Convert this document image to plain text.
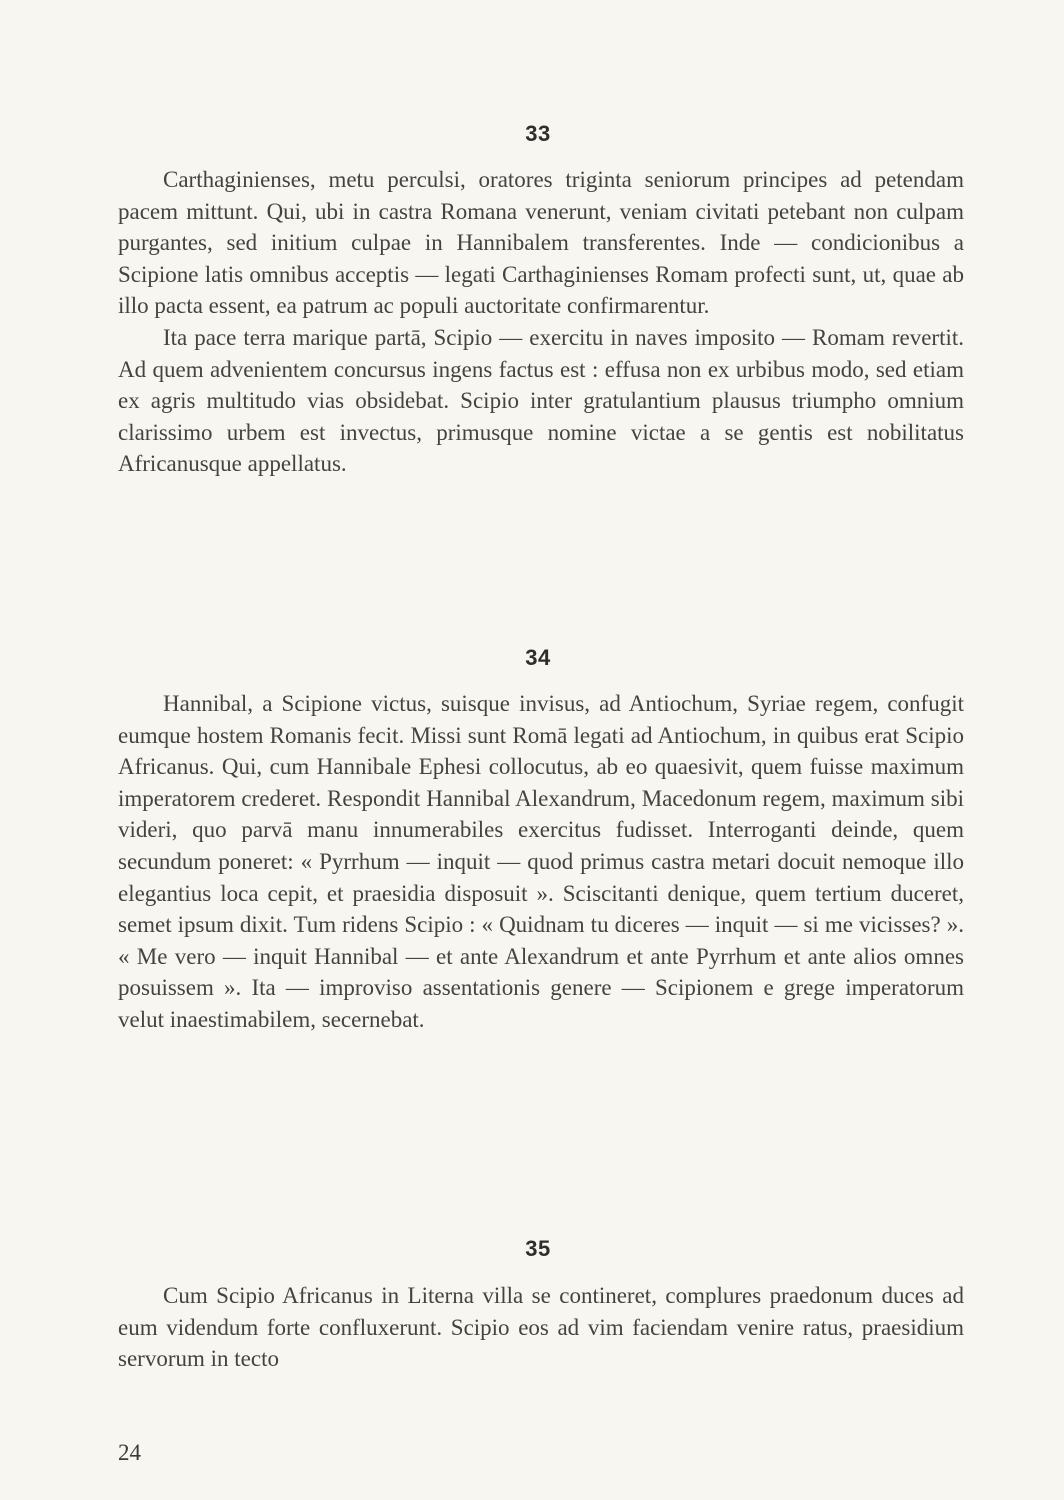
33

Carthaginienses, metu perculsi, oratores triginta seniorum principes ad petendam pacem mittunt. Qui, ubi in castra Romana venerunt, veniam civitati petebant non culpam purgantes, sed initium culpae in Hannibalem transferentes. Inde — condicionibus a Scipione latis omnibus acceptis — legati Carthaginienses Romam profecti sunt, ut, quae ab illo pacta essent, ea patrum ac populi auctoritate confirmarentur.

Ita pace terra marique partā, Scipio — exercitu in naves imposito — Romam revertit. Ad quem advenientem concursus ingens factus est : effusa non ex urbibus modo, sed etiam ex agris multitudo vias obsidebat. Scipio inter gratulantium plausus triumpho omnium clarissimo urbem est invectus, primusque nomine victae a se gentis est nobilitatus Africanusque appellatus.

34

Hannibal, a Scipione victus, suisque invisus, ad Antiochum, Syriae regem, confugit eumque hostem Romanis fecit. Missi sunt Romā legati ad Antiochum, in quibus erat Scipio Africanus. Qui, cum Hannibale Ephesi collocutus, ab eo quaesivit, quem fuisse maximum imperatorem crederet. Respondit Hannibal Alexandrum, Macedonum regem, maximum sibi videri, quo parvā manu innumerabiles exercitus fudisset. Interroganti deinde, quem secundum poneret: « Pyrrhum — inquit — quod primus castra metari docuit nemoque illo elegantius loca cepit, et praesidia disposuit ». Sciscitanti denique, quem tertium duceret, semet ipsum dixit. Tum ridens Scipio : « Quidnam tu diceres — inquit — si me vicisses? ». « Me vero — inquit Hannibal — et ante Alexandrum et ante Pyrrhum et ante alios omnes posuissem ». Ita — improviso assentationis genere — Scipionem e grege imperatorum velut inaestimabilem, secernebat.

35

Cum Scipio Africanus in Literna villa se contineret, complures praedonum duces ad eum videndum forte confluxerunt. Scipio eos ad vim faciendam venire ratus, praesidium servorum in tecto

24
